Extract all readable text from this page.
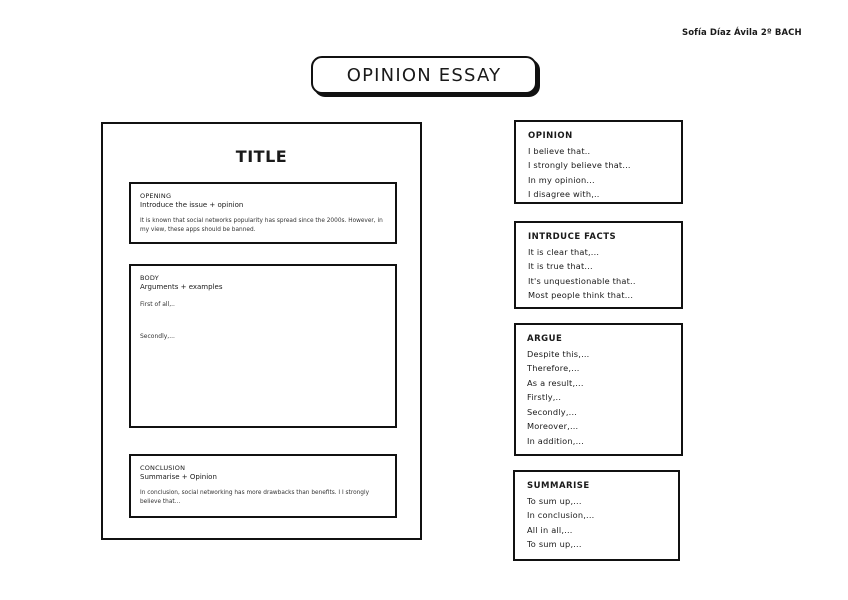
Sofía Díaz Ávila 2º BACH
OPINION ESSAY
TITLE
OPENING
Introduce the issue + opinion
It is known that social networks popularity has spread since the 2000s. However, in my view, these apps should be banned.
BODY
Arguments + examples
First of all,..
Secondly,...
CONCLUSION
Summarise + Opinion
In conclusion, social networking has more drawbacks than benefits. I I strongly believe that...
OPINION
I believe that..
I strongly believe that...
In my opinion...
I disagree with,..
INTRDUCE FACTS
It is clear that,...
It is true that...
It's unquestionable that..
Most people think that...
ARGUE
Despite this,...
Therefore,...
As a result,...
Firstly,..
Secondly,...
Moreover,...
In addition,...
SUMMARISE
To sum up,...
In conclusion,...
All in all,...
To sum up,...
